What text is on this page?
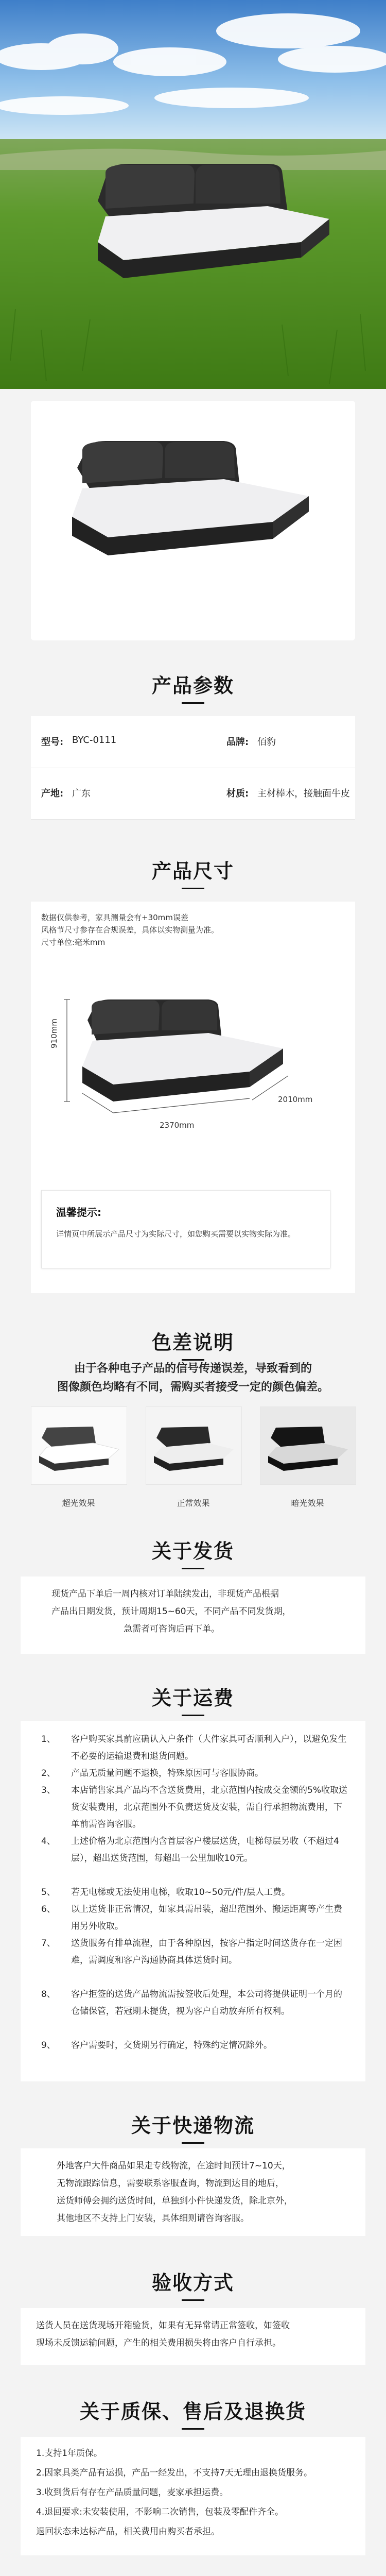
产品参数
型号: BYC-0111	品牌: 佰豹
产地: 广东	材质: 主材棒木，接触面牛皮
产品尺寸
数据仅供参考，家具测量会有+30mm误差
风格节尺寸参存在合规误差，具体以实物测量为准。
尺寸单位:毫米mm
910mm
2370mm
2010mm
温馨提示:
详情页中所展示产品尺寸为实际尺寸，如您购买需要以实物实际为准。
色差说明
由于各种电子产品的信号传递误差，导致看到的
图像颜色均略有不同，需购买者接受一定的颜色偏差。
超光效果	正常效果	暗光效果
关于发货
现货产品下单后一周内核对订单陆续发出，非现货产品根据
产品出日期发货，预计周期15~60天，不同产品不同发货期，
急需者可咨询后再下单。
关于运费
1、 客户购买家具前应确认入户条件（大件家具可否顺利入户），以避免发生不必要的运输退费和退货问题。
2、 产品无质量问题不退换，特殊原因可与客服协商。
3、 本店销售家具产品均不含送货费用，北京范围内按成交金额的5%收取送货安装费用，北京范围外不负责送货及安装，需自行承担物流费用，下单前需咨询客服。
4、 上述价格为北京范围内含首层客户楼层送货，电梯每层另收（不超过4层），超出送货范围，每超出一公里加收10元。
5、 若无电梯或无法使用电梯，收取10~50元/件/层人工费。
6、 以上送货非正常情况，如家具需吊装，超出范围外、搬运距离等产生费用另外收取。
7、 送货服务有排单流程，由于各种原因，按客户指定时间送货存在一定困难，需调度和客户沟通协商具体送货时间。
8、 客户拒签的送货产品物流需按签收后处理，本公司将提供证明一个月的仓储保管，若冠期未提货，视为客户自动放弃所有权利。
9、 客户需要时，交货期另行确定，特殊约定情况除外。
关于快递物流
外地客户大件商品如果走专线物流，在途时间预计7~10天，
无物流跟踪信息，需要联系客服查询，物流到达目的地后，
送货师傅会拥约送货时间，单独到小件快递发货，除北京外，
其他地区不支持上门安装，具体细则请咨询客服。
验收方式
送货人员在送货现场开箱验货，如果有无异常请正常签收，如签收
现场未反馈运输问题，产生的相关费用损失将由客户自行承担。
关于质保、售后及退换货
1.支持1年质保。
2.因家具类产品有运损，产品一经发出，不支持7天无理由退换货服务。
3.收到货后有存在产品质量问题，麦家承担运费。
4.退回要求:未安装使用，不影响二次销售，包装及零配件齐全。
退回状态未达标产品，相关费用由购买者承担。
